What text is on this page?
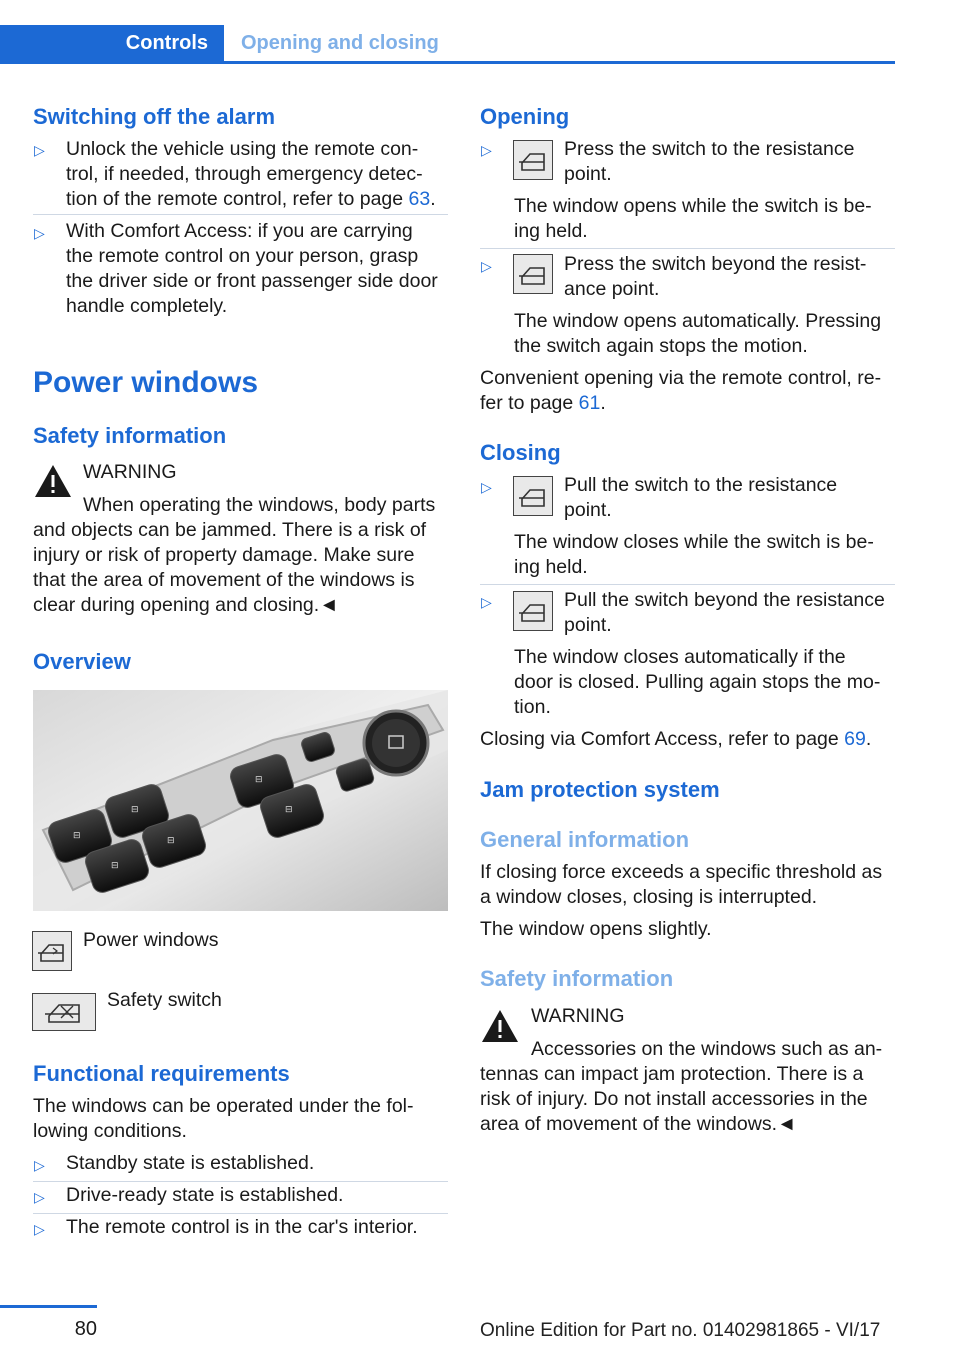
Controls Opening and closing
Switching off the alarm
▷ Unlock the vehicle using the remote con-
trol, if needed, through emergency detec-
tion of the remote control, refer to page 63.
▷ With Comfort Access: if you are carrying
the remote control on your person, grasp
the driver side or front passenger side door
handle completely.
Power windows
Safety information
WARNING
When operating the windows, body parts
and objects can be jammed. There is a risk of
injury or risk of property damage. Make sure
that the area of movement of the windows is
clear during opening and closing.◄
Overview
⊟
⊟
⊟
⊟
⊟
⊟
Power windows
Safety switch
Functional requirements
The windows can be operated under the fol-
lowing conditions.
▷ Standby state is established.
▷ Drive-ready state is established.
▷ The remote control is in the car's interior.
Opening
▷	Press the switch to the resistance
point.
The window opens while the switch is be-
ing held.
▷	Press the switch beyond the resist-
ance point.
The window opens automatically. Pressing
the switch again stops the motion.
Convenient opening via the remote control, re-
fer to page 61.
Closing
▷	Pull the switch to the resistance
point.
The window closes while the switch is be-
ing held.
▷	Pull the switch beyond the resistance
point.
The window closes automatically if the
door is closed. Pulling again stops the mo-
tion.
Closing via Comfort Access, refer to page 69.
Jam protection system
General information
If closing force exceeds a specific threshold as
a window closes, closing is interrupted.
The window opens slightly.
Safety information
WARNING
Accessories on the windows such as an-
tennas can impact jam protection. There is a
risk of injury. Do not install accessories in the
area of movement of the windows.◄
80	Online Edition for Part no. 01402981865 - VI/17
